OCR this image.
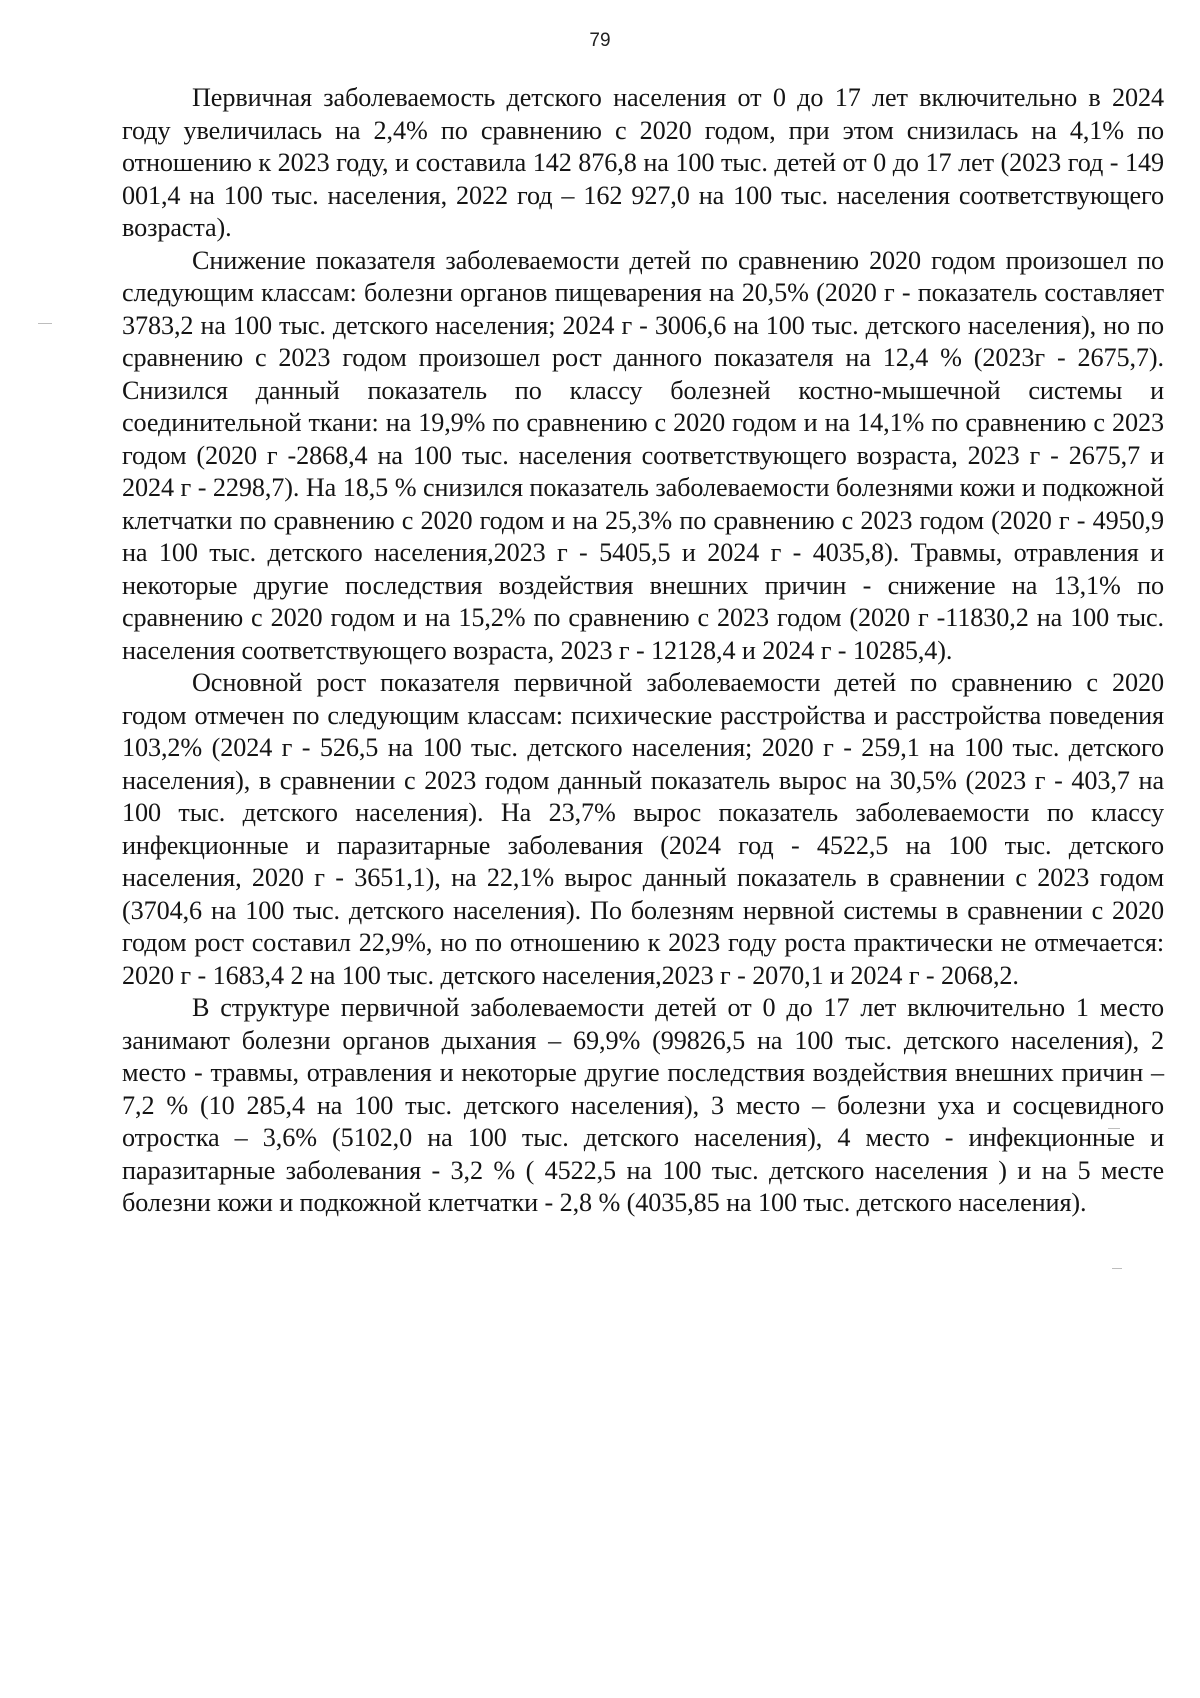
79

Первичная заболеваемость детского населения от 0 до 17 лет включительно в 2024 году увеличилась на 2,4% по сравнению с 2020 годом, при этом снизилась на 4,1% по отношению к 2023 году, и составила 142 876,8 на 100 тыс. детей от 0 до 17 лет (2023 год - 149 001,4 на 100 тыс. населения, 2022 год – 162 927,0 на 100 тыс. населения соответствующего возраста).

Снижение показателя заболеваемости детей по сравнению 2020 годом произошел по следующим классам: болезни органов пищеварения на 20,5% (2020 г - показатель составляет 3783,2 на 100 тыс. детского населения; 2024 г - 3006,6 на 100 тыс. детского населения), но по сравнению с 2023 годом произошел рост данного показателя на 12,4 % (2023г - 2675,7). Снизился данный показатель по классу болезней костно-мышечной системы и соединительной ткани: на 19,9% по сравнению с 2020 годом и на 14,1% по сравнению с 2023 годом (2020 г -2868,4 на 100 тыс. населения соответствующего возраста, 2023 г - 2675,7 и 2024 г - 2298,7). На 18,5 % снизился показатель заболеваемости болезнями кожи и подкожной клетчатки по сравнению с 2020 годом и на 25,3% по сравнению с 2023 годом (2020 г - 4950,9 на 100 тыс. детского населения,2023 г - 5405,5 и 2024 г - 4035,8). Травмы, отравления и некоторые другие последствия воздействия внешних причин - снижение на 13,1% по сравнению с 2020 годом и на 15,2% по сравнению с 2023 годом (2020 г -11830,2 на 100 тыс. населения соответствующего возраста, 2023 г - 12128,4 и 2024 г - 10285,4).

Основной рост показателя первичной заболеваемости детей по сравнению с 2020 годом отмечен по следующим классам: психические расстройства и расстройства поведения 103,2% (2024 г - 526,5 на 100 тыс. детского населения; 2020 г - 259,1 на 100 тыс. детского населения), в сравнении с 2023 годом данный показатель вырос на 30,5% (2023 г - 403,7 на 100 тыс. детского населения). На 23,7% вырос показатель заболеваемости по классу инфекционные и паразитарные заболевания (2024 год - 4522,5 на 100 тыс. детского населения, 2020 г - 3651,1), на 22,1% вырос данный показатель в сравнении с 2023 годом (3704,6 на 100 тыс. детского населения). По болезням нервной системы в сравнении с 2020 годом рост составил 22,9%, но по отношению к 2023 году роста практически не отмечается: 2020 г - 1683,4 2 на 100 тыс. детского населения,2023 г - 2070,1 и 2024 г - 2068,2.

В структуре первичной заболеваемости детей от 0 до 17 лет включительно 1 место занимают болезни органов дыхания – 69,9% (99826,5 на 100 тыс. детского населения), 2 место - травмы, отравления и некоторые другие последствия воздействия внешних причин – 7,2 % (10 285,4 на 100 тыс. детского населения), 3 место – болезни уха и сосцевидного отростка – 3,6% (5102,0 на 100 тыс. детского населения), 4 место - инфекционные и паразитарные заболевания - 3,2 % ( 4522,5 на 100 тыс. детского населения ) и на 5 месте болезни кожи и подкожной клетчатки - 2,8 % (4035,85 на 100 тыс. детского населения).
